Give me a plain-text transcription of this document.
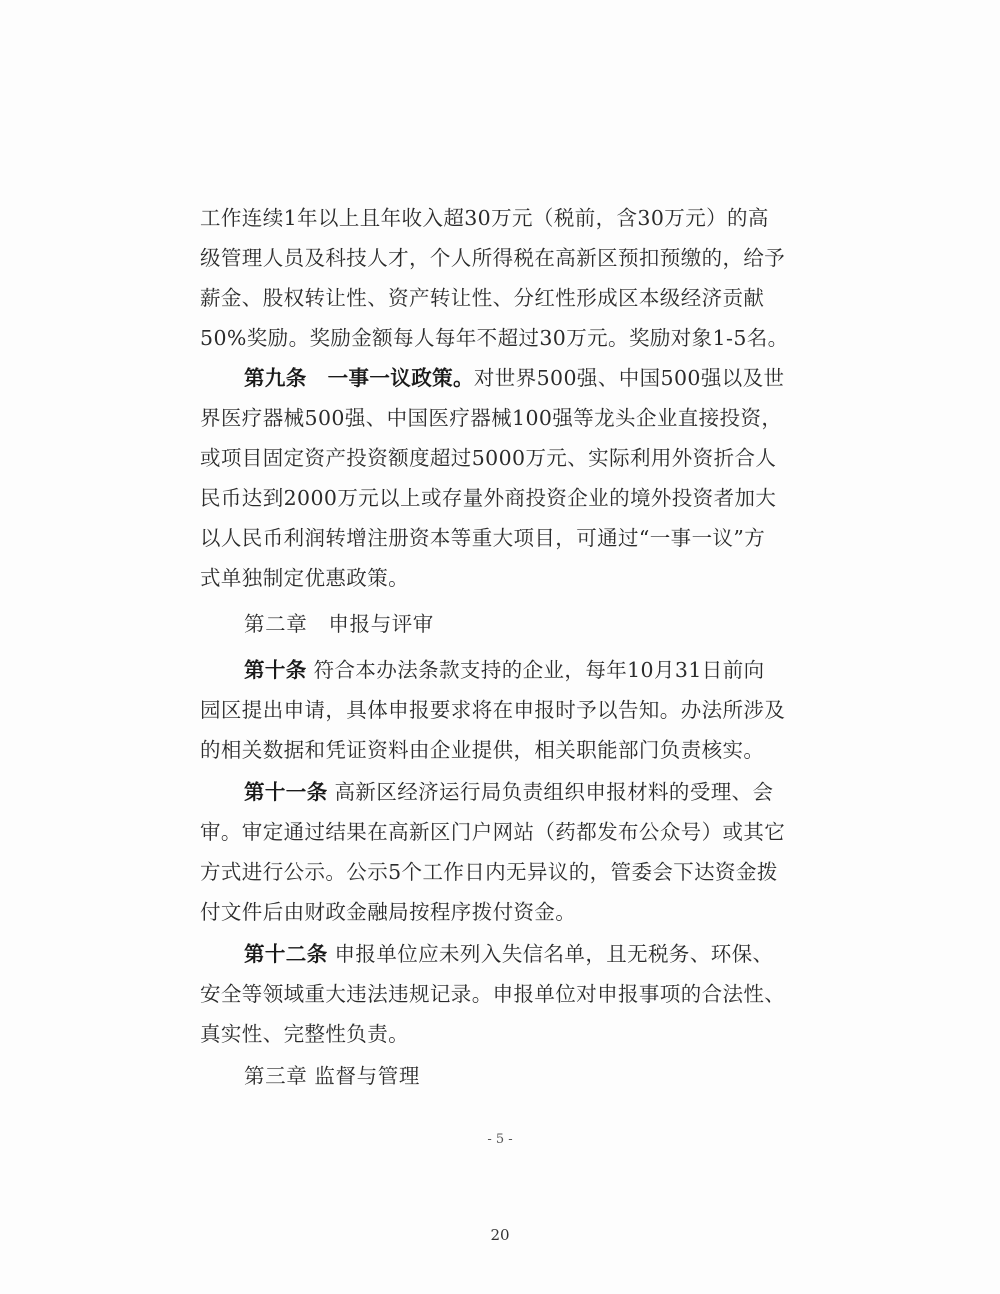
工作连续1年以上且年收入超30万元（税前，含30万元）的高
级管理人员及科技人才，个人所得税在高新区预扣预缴的，给予
薪金、股权转让性、资产转让性、分红性形成区本级经济贡献
50%奖励。奖励金额每人每年不超过30万元。奖励对象1-5名。
第九条　一事一议政策。对世界500强、中国500强以及世
界医疗器械500强、中国医疗器械100强等龙头企业直接投资，
或项目固定资产投资额度超过5000万元、实际利用外资折合人
民币达到2000万元以上或存量外商投资企业的境外投资者加大
以人民币利润转增注册资本等重大项目，可通过“一事一议”方
式单独制定优惠政策。
第二章　申报与评审
第十条 符合本办法条款支持的企业，每年10月31日前向
园区提出申请，具体申报要求将在申报时予以告知。办法所涉及
的相关数据和凭证资料由企业提供，相关职能部门负责核实。
第十一条 高新区经济运行局负责组织申报材料的受理、会
审。审定通过结果在高新区门户网站（药都发布公众号）或其它
方式进行公示。公示5个工作日内无异议的，管委会下达资金拨
付文件后由财政金融局按程序拨付资金。
第十二条 申报单位应未列入失信名单，且无税务、环保、
安全等领域重大违法违规记录。申报单位对申报事项的合法性、
真实性、完整性负责。
第三章 监督与管理
- 5 -
20
